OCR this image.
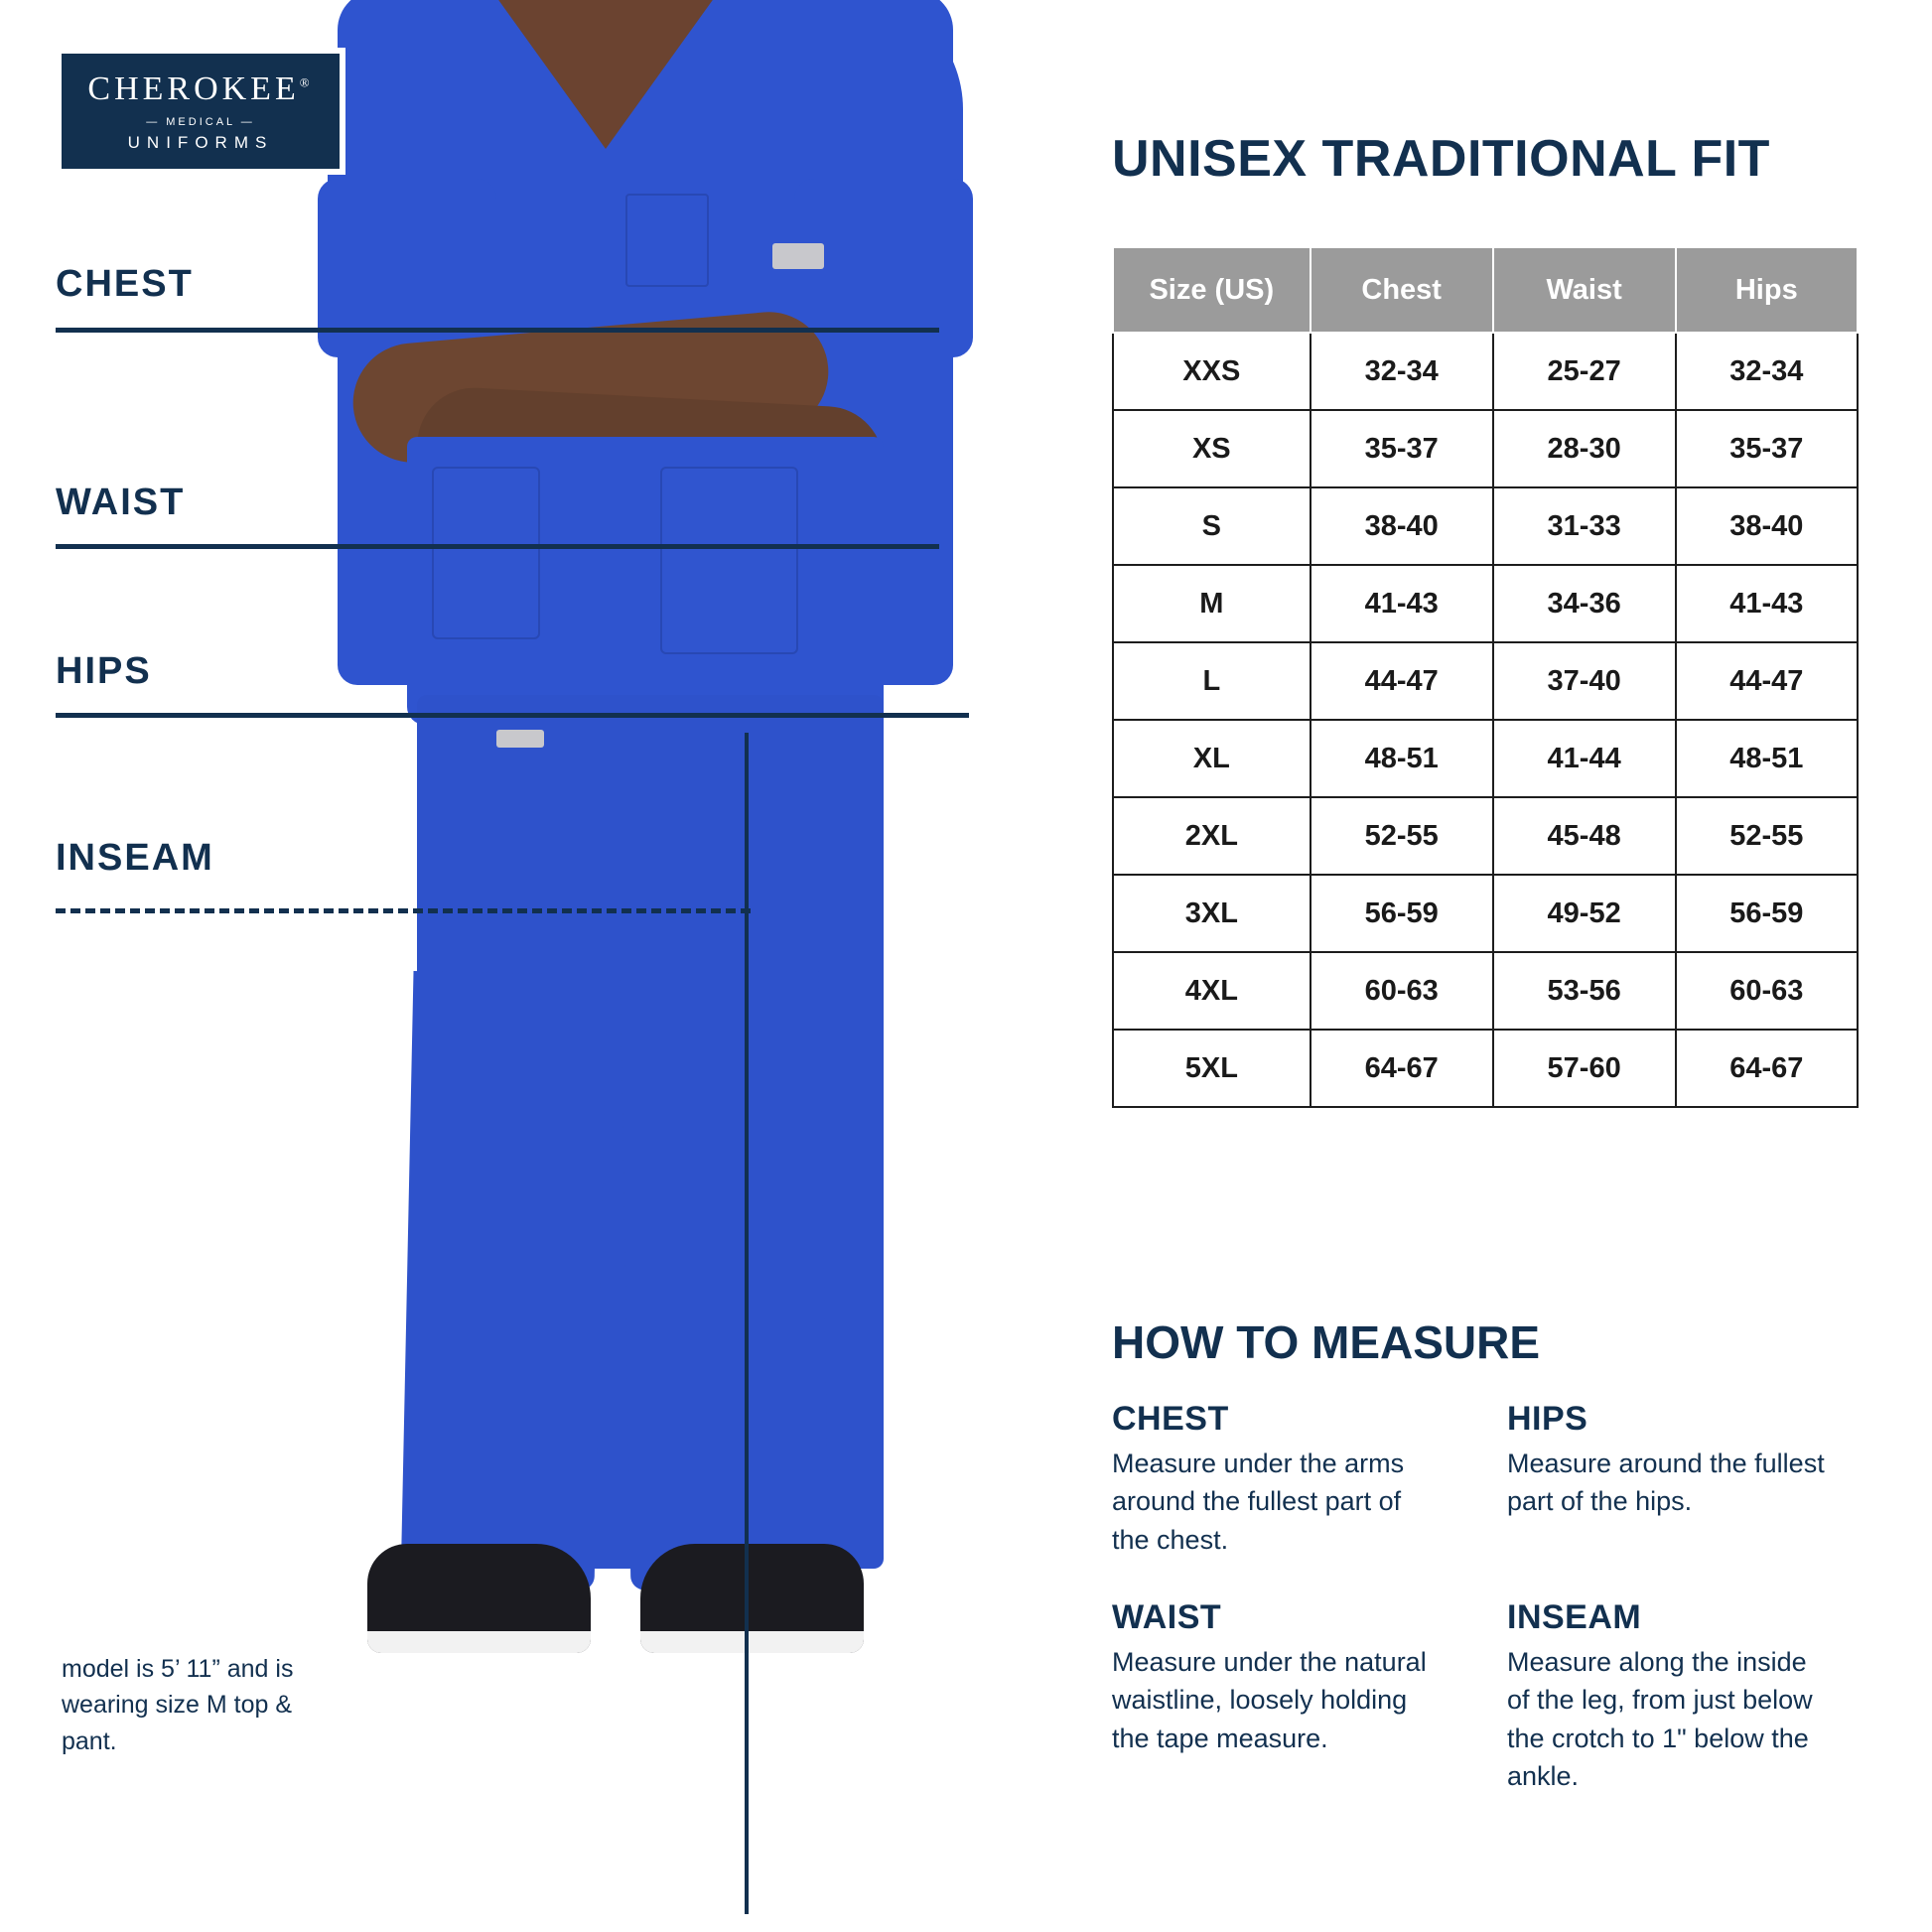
CHEROKEE®
— MEDICAL —
UNIFORMS
CHEST
WAIST
HIPS
INSEAM
model is 5’ 11” and is wearing size M top & pant.
UNISEX TRADITIONAL FIT
Size (US)	Chest	Waist	Hips
XXS	32-34	25-27	32-34
XS	35-37	28-30	35-37
S	38-40	31-33	38-40
M	41-43	34-36	41-43
L	44-47	37-40	44-47
XL	48-51	41-44	48-51
2XL	52-55	45-48	52-55
3XL	56-59	49-52	56-59
4XL	60-63	53-56	60-63
5XL	64-67	57-60	64-67
HOW TO MEASURE
CHEST

Measure under the arms around the fullest part of the chest.

HIPS

Measure around the fullest part of the hips.

WAIST

Measure under the natural waistline, loosely holding the tape measure.

INSEAM

Measure along the inside of the leg, from just below the crotch to 1" below the ankle.
